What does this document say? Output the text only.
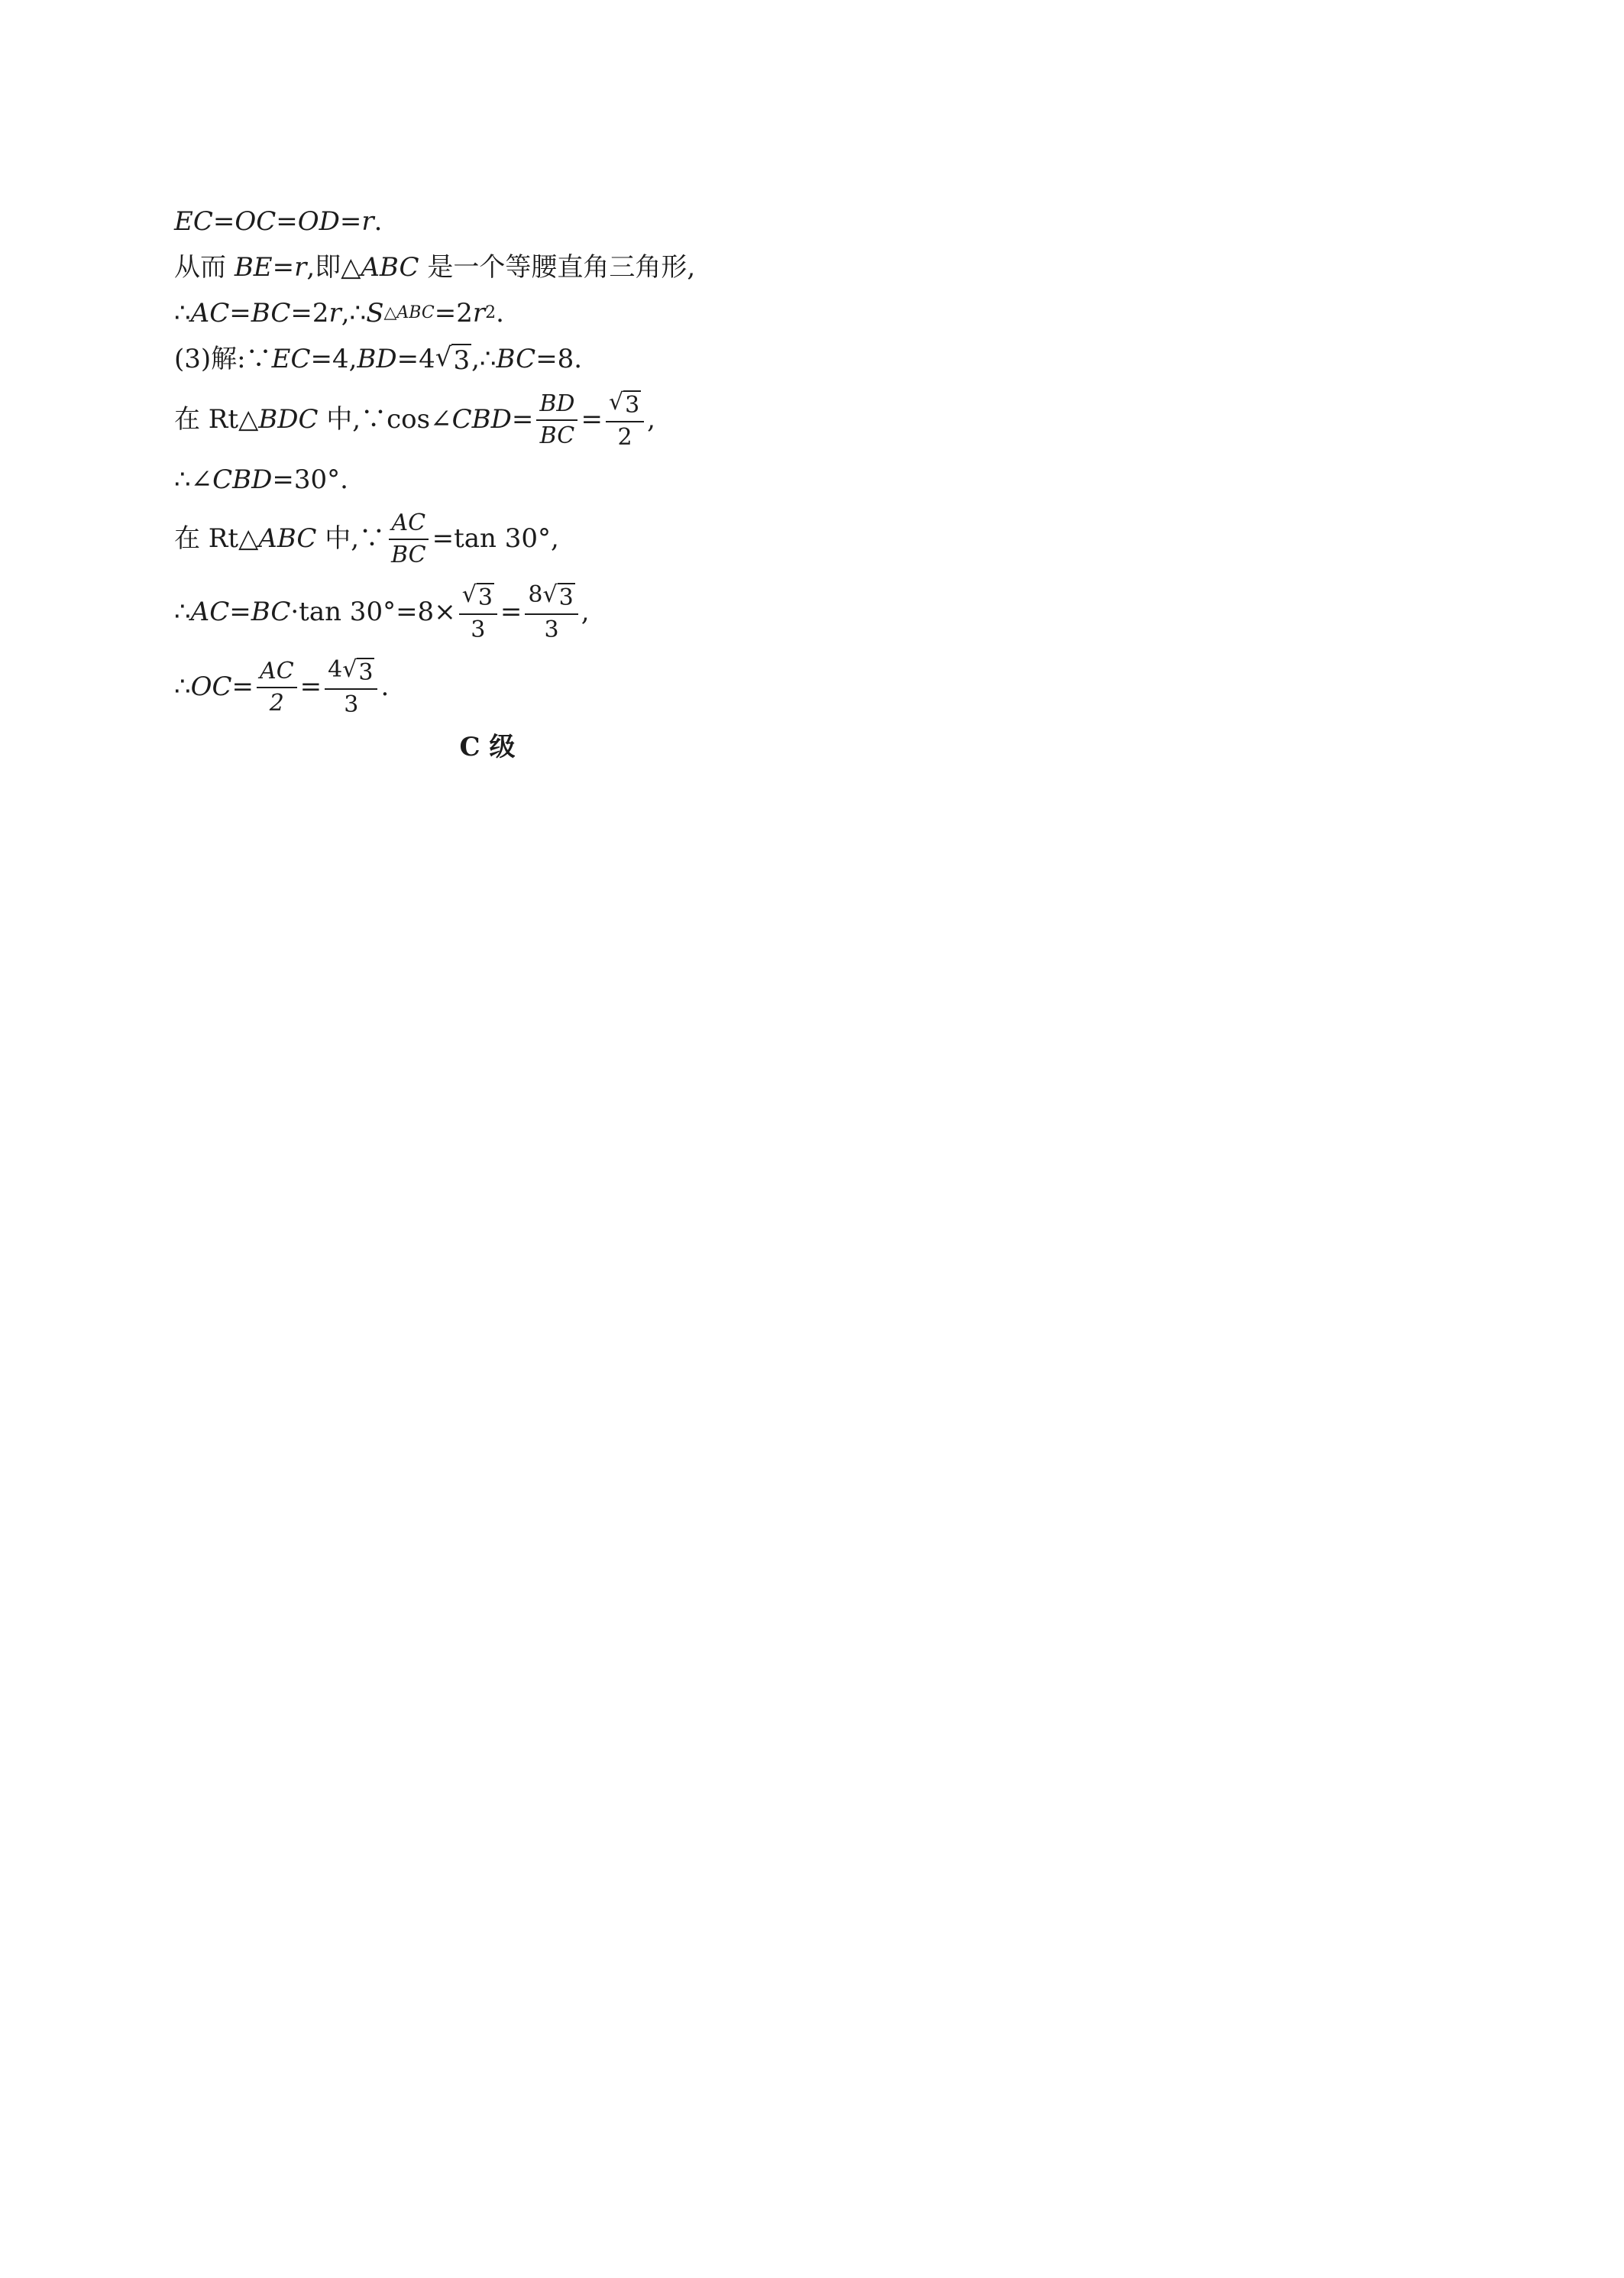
EC = OC = OD = r .
从而 BE = r ,即△ ABC 是一个等腰直角三角形,
∴ AC = BC =2 r ,∴ S △ABC =2 r 2 .
(3)解:∵ EC =4, BD =4 √ 3 ,∴ BC =8.
在 Rt△ BDC 中,∵cos∠ CBD = $\frac{BD}{BC} = \frac{√ 3}{2}$ ,
∴∠ CBD =30°.
在 Rt△ ABC 中,∵ $\frac{AC}{BC} =\tan$ 30°,
∴ AC = BC ·tan $30^\circ=8\times \frac{√ 3}{3} = \frac{8 √ 3}{3}$ ,
∴ OC = $\frac{AC}{2} = \frac{4 √ 3}{3}$ .
C 级
